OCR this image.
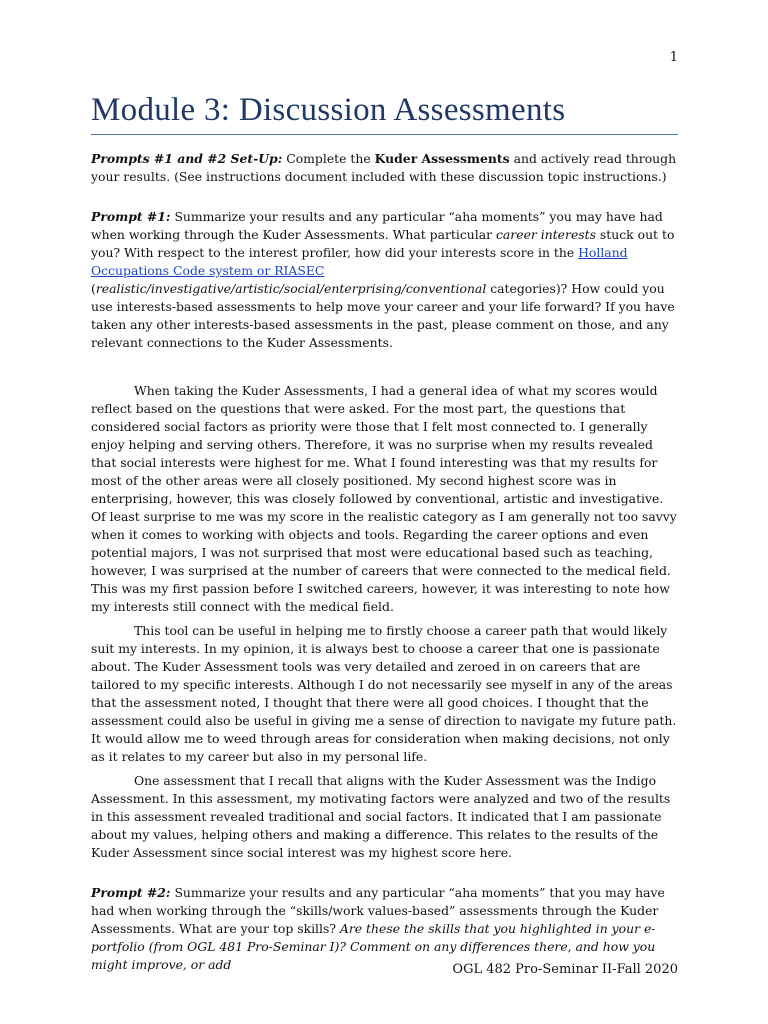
1
Module 3: Discussion Assessments

Prompts #1 and #2 Set-Up: Complete the Kuder Assessments and actively read through your results. (See instructions document included with these discussion topic instructions.)

Prompt #1: Summarize your results and any particular “aha moments” you may have had when working through the Kuder Assessments. What particular career interests stuck out to you? With respect to the interest profiler, how did your interests score in the Holland Occupations Code system or RIASEC (realistic/investigative/artistic/social/enterprising/conventional categories)? How could you use interests-based assessments to help move your career and your life forward? If you have taken any other interests-based assessments in the past, please comment on those, and any relevant connections to the Kuder Assessments.

When taking the Kuder Assessments, I had a general idea of what my scores would reflect based on the questions that were asked. For the most part, the questions that considered social factors as priority were those that I felt most connected to. I generally enjoy helping and serving others. Therefore, it was no surprise when my results revealed that social interests were highest for me. What I found interesting was that my results for most of the other areas were all closely positioned. My second highest score was in enterprising, however, this was closely followed by conventional, artistic and investigative. Of least surprise to me was my score in the realistic category as I am generally not too savvy when it comes to working with objects and tools. Regarding the career options and even potential majors, I was not surprised that most were educational based such as teaching, however, I was surprised at the number of careers that were connected to the medical field. This was my first passion before I switched careers, however, it was interesting to note how my interests still connect with the medical field.

This tool can be useful in helping me to firstly choose a career path that would likely suit my interests. In my opinion, it is always best to choose a career that one is passionate about. The Kuder Assessment tools was very detailed and zeroed in on careers that are tailored to my specific interests. Although I do not necessarily see myself in any of the areas that the assessment noted, I thought that there were all good choices. I thought that the assessment could also be useful in giving me a sense of direction to navigate my future path. It would allow me to weed through areas for consideration when making decisions, not only as it relates to my career but also in my personal life.

One assessment that I recall that aligns with the Kuder Assessment was the Indigo Assessment. In this assessment, my motivating factors were analyzed and two of the results in this assessment revealed traditional and social factors. It indicated that I am passionate about my values, helping others and making a difference. This relates to the results of the Kuder Assessment since social interest was my highest score here.

Prompt #2: Summarize your results and any particular “aha moments” that you may have had when working through the “skills/work values-based” assessments through the Kuder Assessments. What are your top skills? Are these the skills that you highlighted in your e-portfolio (from OGL 481 Pro-Seminar I)? Comment on any differences there, and how you might improve, or add	OGL 482 Pro-Seminar II-Fall 2020
